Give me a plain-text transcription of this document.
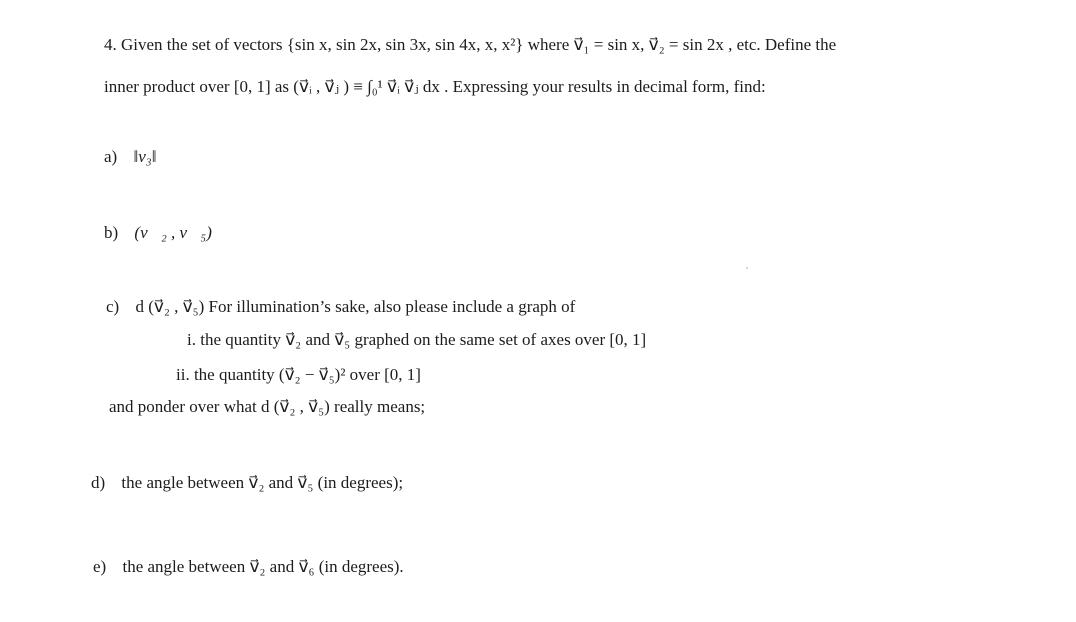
4. Given the set of vectors {sin x, sin 2x, sin 3x, sin 4x, x, x²} where v⃗₁ = sin x, v⃗₂ = sin 2x , etc. Define the
inner product over [0, 1] as (v⃗ᵢ , v⃗ⱼ ) ≡ ∫₀¹ v⃗ᵢ v⃗ⱼ dx . Expressing your results in decimal form, find:
a) ‖v₃‖
b) (v⃗₂ , v⃗₅)
c) d (v⃗₂ , v⃗₅) For illumination’s sake, also please include a graph of
i. the quantity v⃗₂ and v⃗₅ graphed on the same set of axes over [0, 1]
ii. the quantity (v⃗₂ − v⃗₅)² over [0, 1]
and ponder over what d (v⃗₂ , v⃗₅) really means;
d) the angle between v⃗₂ and v⃗₅ (in degrees);
e) the angle between v⃗₂ and v⃗₆ (in degrees).
